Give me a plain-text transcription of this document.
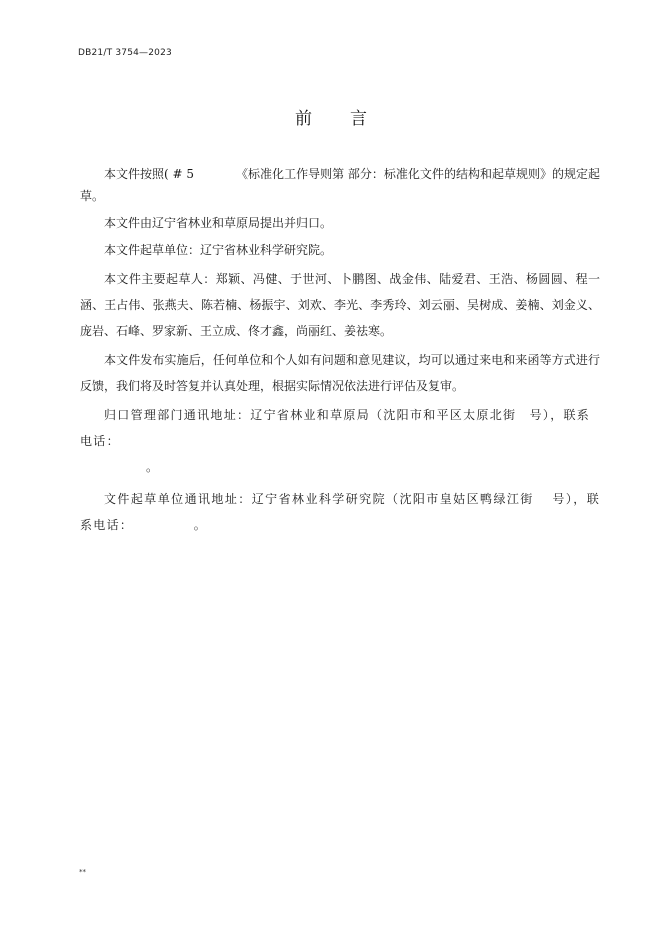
DB21/T 3754—2023
前 言

本文件按照( # 5　　　　《标准化工作导则第 部分：标准化文件的结构和起草规则》的规定起草。

本文件由辽宁省林业和草原局提出并归口。

本文件起草单位：辽宁省林业科学研究院。

本文件主要起草人：郑颖、冯健、于世河、卜鹏图、战金伟、陆爱君、王浩、杨圆圆、程一涵、王占伟、张燕夫、陈若楠、杨振宇、刘欢、李光、李秀玲、刘云丽、吴树成、姜楠、刘金义、庞岩、石峰、罗家新、王立成、佟才鑫，尚丽红、姜祛寒。

本文件发布实施后，任何单位和个人如有问题和意见建议，均可以通过来电和来函等方式进行反馈，我们将及时答复并认真处理，根据实际情况依法进行评估及复审。

归口管理部门通讯地址：辽宁省林业和草原局（沈阳市和平区太原北街　号），联系电话：
。

文件起草单位通讯地址：辽宁省林业科学研究院（沈阳市皇姑区鸭绿江街　 号），联系电话：　　　　　。

**
